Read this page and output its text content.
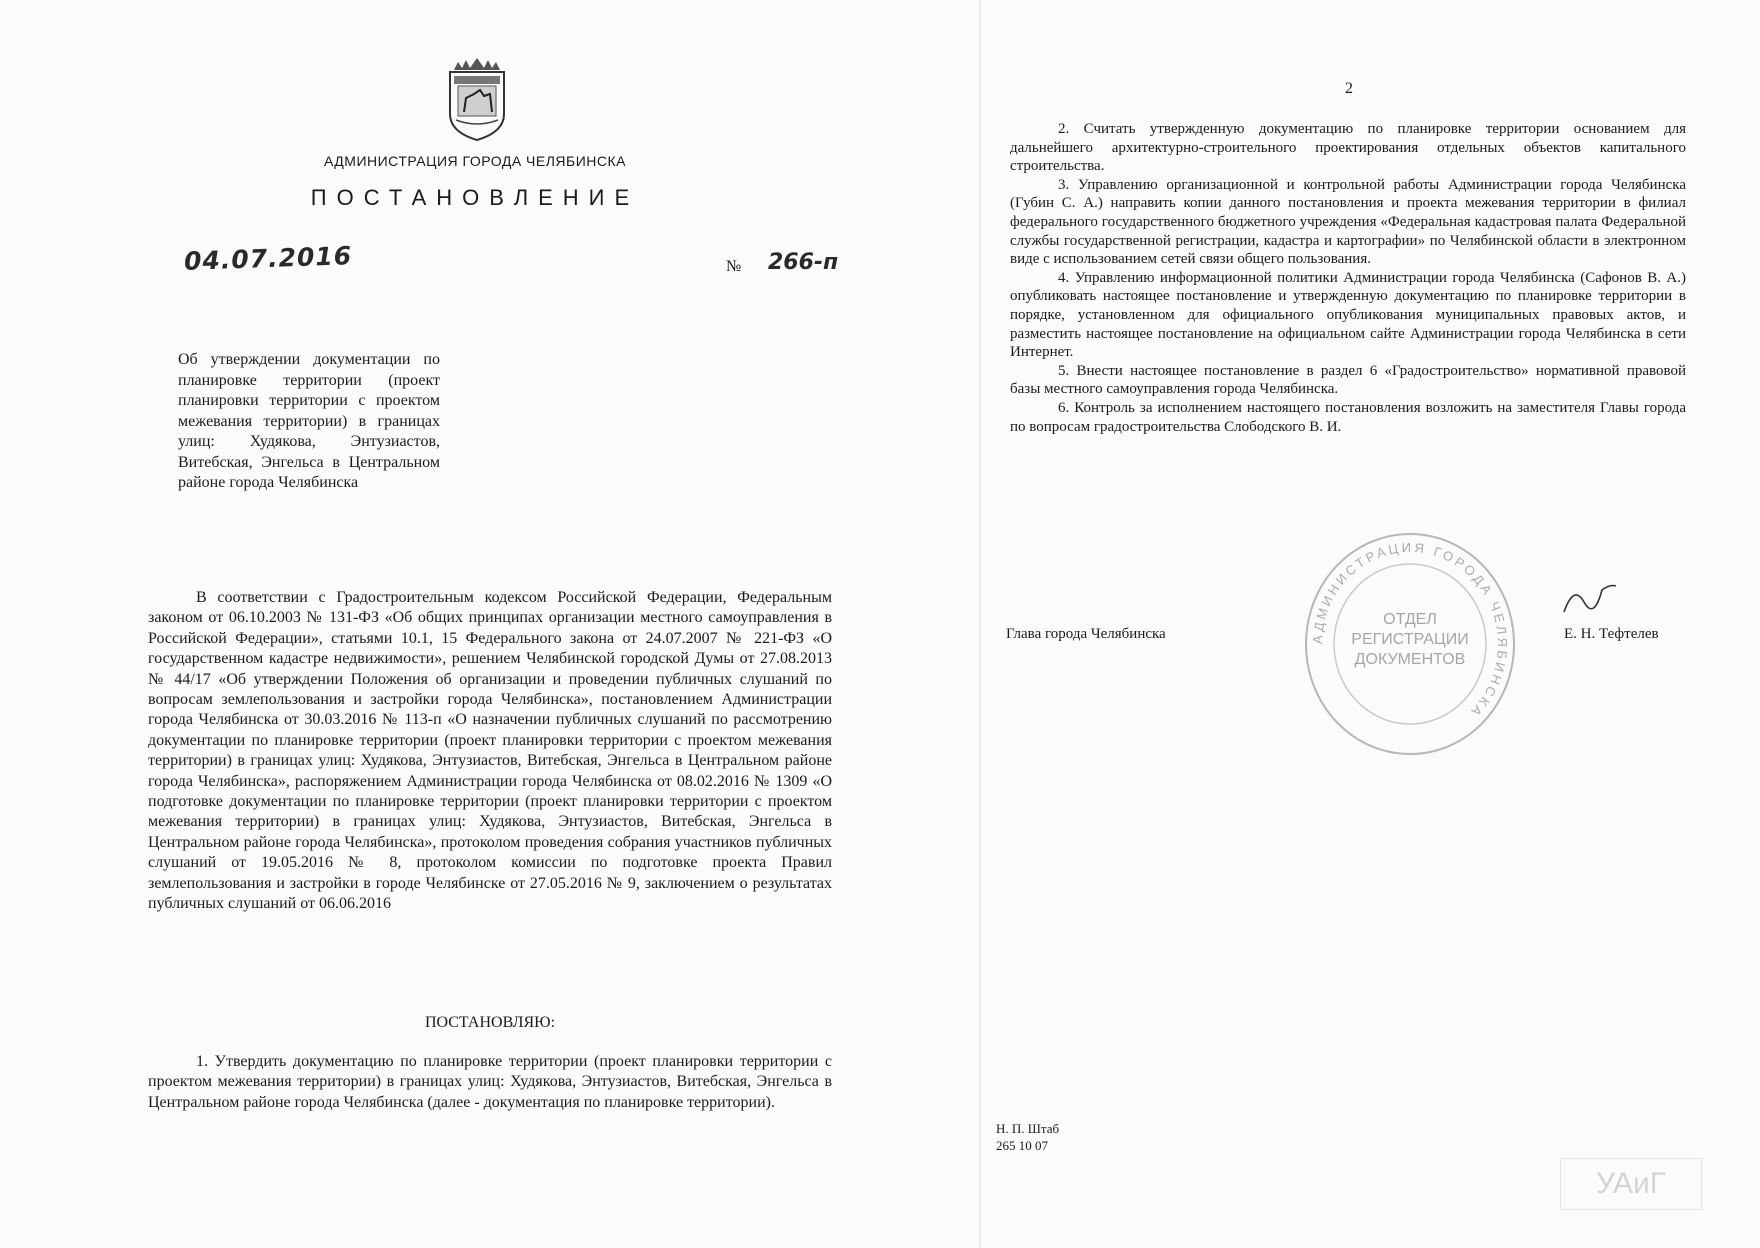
АДМИНИСТРАЦИЯ ГОРОДА ЧЕЛЯБИНСКА
ПОСТАНОВЛЕНИЕ
04.07.2016	№ 266-п
Об утверждении документации по планировке территории (проект планировки территории с проектом межевания территории) в границах улиц: Худякова, Энтузиастов, Витебская, Энгельса в Центральном районе города Челябинска

В соответствии с Градостроительным кодексом Российской Федерации, Федеральным законом от 06.10.2003 № 131-ФЗ «Об общих принципах организации местного самоуправления в Российской Федерации», статьями 10.1, 15 Федерального закона от 24.07.2007 № 221-ФЗ «О государственном кадастре недвижимости», решением Челябинской городской Думы от 27.08.2013 № 44/17 «Об утверждении Положения об организации и проведении публичных слушаний по вопросам землепользования и застройки города Челябинска», постановлением Администрации города Челябинска от 30.03.2016 № 113-п «О назначении публичных слушаний по рассмотрению документации по планировке территории (проект планировки территории с проектом межевания территории) в границах улиц: Худякова, Энтузиастов, Витебская, Энгельса в Центральном районе города Челябинска», распоряжением Администрации города Челябинска от 08.02.2016 № 1309 «О подготовке документации по планировке территории (проект планировки территории с проектом межевания территории) в границах улиц: Худякова, Энтузиастов, Витебская, Энгельса в Центральном районе города Челябинска», протоколом проведения собрания участников публичных слушаний от 19.05.2016 № 8, протоколом комиссии по подготовке проекта Правил землепользования и застройки в городе Челябинске от 27.05.2016 № 9, заключением о результатах публичных слушаний от 06.06.2016

ПОСТАНОВЛЯЮ:

1. Утвердить документацию по планировке территории (проект планировки территории с проектом межевания территории) в границах улиц: Худякова, Энтузиастов, Витебская, Энгельса в Центральном районе города Челябинска (далее - документация по планировке территории).

2

2. Считать утвержденную документацию по планировке территории основанием для дальнейшего архитектурно-строительного проектирования отдельных объектов капитального строительства.

3. Управлению организационной и контрольной работы Администрации города Челябинска (Губин С. А.) направить копии данного постановления и проекта межевания территории в филиал федерального государственного бюджетного учреждения «Федеральная кадастровая палата Федеральной службы государственной регистрации, кадастра и картографии» по Челябинской области в электронном виде с использованием сетей связи общего пользования.

4. Управлению информационной политики Администрации города Челябинска (Сафонов В. А.) опубликовать настоящее постановление и утвержденную документацию по планировке территории в порядке, установленном для официального опубликования муниципальных правовых актов, и разместить настоящее постановление на официальном сайте Администрации города Челябинска в сети Интернет.

5. Внести настоящее постановление в раздел 6 «Градостроительство» нормативной правовой базы местного самоуправления города Челябинска.

6. Контроль за исполнением настоящего постановления возложить на заместителя Главы города по вопросам градостроительства Слободского В. И.

АДМИНИСТРАЦИЯ ГОРОДА ЧЕЛЯБИНСКА
ОТДЕЛ РЕГИСТРАЦИИ ДОКУМЕНТОВ
Глава города Челябинска	Е. Н. Тефтелев
Н. П. Штаб
265 10 07
УАиГ
